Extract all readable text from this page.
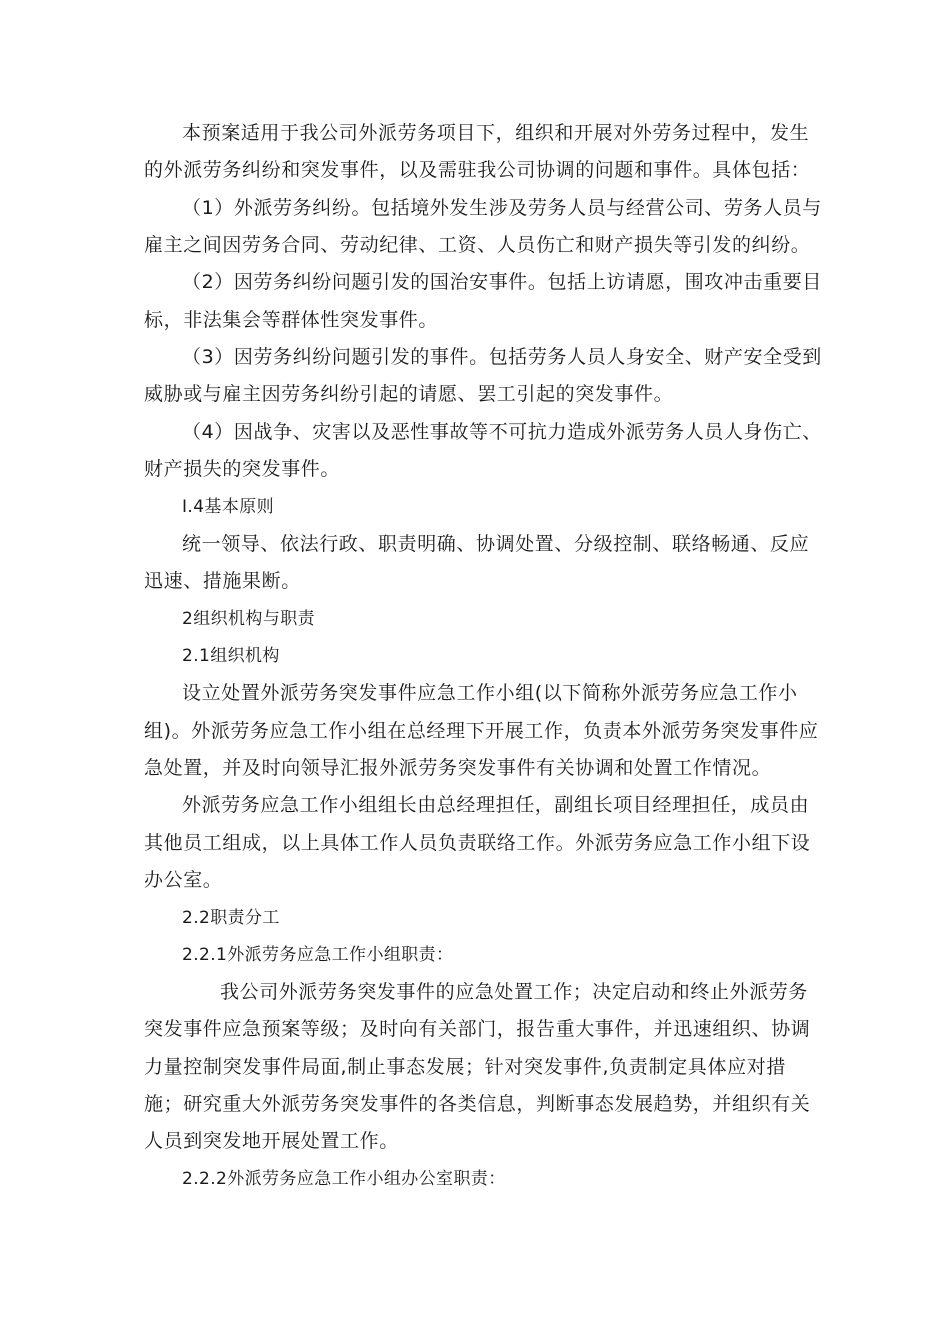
本预案适用于我公司外派劳务项目下，组织和开展对外劳务过程中，发生
的外派劳务纠纷和突发事件，以及需驻我公司协调的问题和事件。具体包括：
（1）外派劳务纠纷。包括境外发生涉及劳务人员与经营公司、劳务人员与
雇主之间因劳务合同、劳动纪律、工资、人员伤亡和财产损失等引发的纠纷。
（2）因劳务纠纷问题引发的国治安事件。包括上访请愿，围攻冲击重要目
标，非法集会等群体性突发事件。
（3）因劳务纠纷问题引发的事件。包括劳务人员人身安全、财产安全受到
威胁或与雇主因劳务纠纷引起的请愿、罢工引起的突发事件。
（4）因战争、灾害以及恶性事故等不可抗力造成外派劳务人员人身伤亡、
财产损失的突发事件。
Ⅰ.4基本原则
统一领导、依法行政、职责明确、协调处置、分级控制、联络畅通、反应
迅速、措施果断。
2组织机构与职责
2.1组织机构
设立处置外派劳务突发事件应急工作小组(以下简称外派劳务应急工作小
组)。外派劳务应急工作小组在总经理下开展工作，负责本外派劳务突发事件应
急处置，并及时向领导汇报外派劳务突发事件有关协调和处置工作情况。
外派劳务应急工作小组组长由总经理担任，副组长项目经理担任，成员由
其他员工组成，以上具体工作人员负责联络工作。外派劳务应急工作小组下设
办公室。
2.2职责分工
2.2.1外派劳务应急工作小组职责：
我公司外派劳务突发事件的应急处置工作；决定启动和终止外派劳务
突发事件应急预案等级；及时向有关部门，报告重大事件，并迅速组织、协调
力量控制突发事件局面,制止事态发展；针对突发事件,负责制定具体应对措
施；研究重大外派劳务突发事件的各类信息，判断事态发展趋势，并组织有关
人员到突发地开展处置工作。
2.2.2外派劳务应急工作小组办公室职责：
